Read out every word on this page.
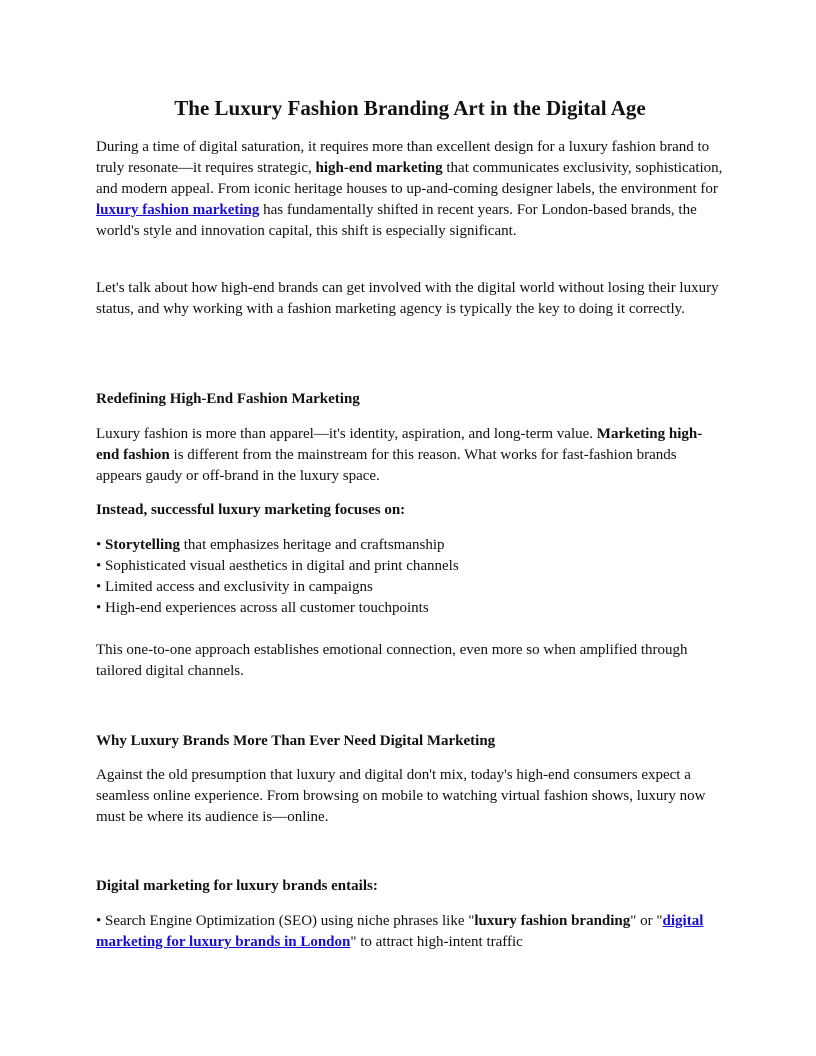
The Luxury Fashion Branding Art in the Digital Age

During a time of digital saturation, it requires more than excellent design for a luxury fashion brand to truly resonate—it requires strategic, high-end marketing that communicates exclusivity, sophistication, and modern appeal. From iconic heritage houses to up-and-coming designer labels, the environment for luxury fashion marketing has fundamentally shifted in recent years. For London-based brands, the world's style and innovation capital, this shift is especially significant.

Let's talk about how high-end brands can get involved with the digital world without losing their luxury status, and why working with a fashion marketing agency is typically the key to doing it correctly.

Redefining High-End Fashion Marketing

Luxury fashion is more than apparel—it's identity, aspiration, and long-term value. Marketing high-end fashion is different from the mainstream for this reason. What works for fast-fashion brands appears gaudy or off-brand in the luxury space.

Instead, successful luxury marketing focuses on:

• Storytelling that emphasizes heritage and craftsmanship
• Sophisticated visual aesthetics in digital and print channels
• Limited access and exclusivity in campaigns
• High-end experiences across all customer touchpoints

This one-to-one approach establishes emotional connection, even more so when amplified through tailored digital channels.

Why Luxury Brands More Than Ever Need Digital Marketing

Against the old presumption that luxury and digital don't mix, today's high-end consumers expect a seamless online experience. From browsing on mobile to watching virtual fashion shows, luxury now must be where its audience is—online.

Digital marketing for luxury brands entails:

• Search Engine Optimization (SEO) using niche phrases like "luxury fashion branding" or "digital marketing for luxury brands in London" to attract high-intent traffic
